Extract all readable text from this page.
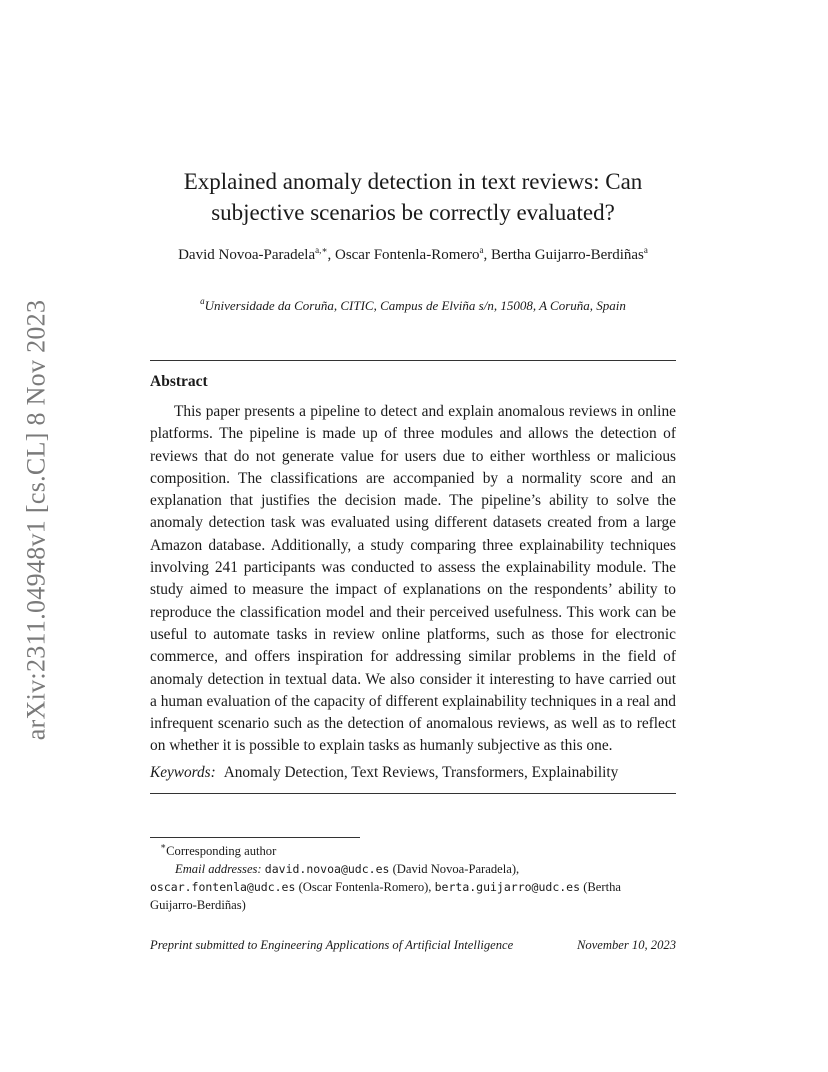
arXiv:2311.04948v1 [cs.CL] 8 Nov 2023
Explained anomaly detection in text reviews: Can
subjective scenarios be correctly evaluated?
David Novoa-Paradela$^{a,∗}$, Oscar Fontenla-Romero$^a$, Bertha Guijarro-Berdiñas$^a$
$^a$Universidade da Coruña, CITIC, Campus de Elviña s/n, 15008, A Coruña, Spain
Abstract

This paper presents a pipeline to detect and explain anomalous reviews in online platforms. The pipeline is made up of three modules and allows the detection of reviews that do not generate value for users due to either worthless or malicious composition. The classifications are accompanied by a normality score and an explanation that justifies the decision made. The pipeline’s ability to solve the anomaly detection task was evaluated using different datasets created from a large Amazon database. Additionally, a study comparing three explainability techniques involving 241 participants was conducted to assess the explainability module. The study aimed to measure the impact of explanations on the respondents’ ability to reproduce the classification model and their perceived usefulness. This work can be useful to automate tasks in review online platforms, such as those for electronic commerce, and offers inspiration for addressing similar problems in the field of anomaly detection in textual data. We also consider it interesting to have carried out a human evaluation of the capacity of different explainability techniques in a real and infrequent scenario such as the detection of anomalous reviews, as well as to reflect on whether it is possible to explain tasks as humanly subjective as this one.

Keywords: Anomaly Detection, Text Reviews, Transformers, Explainability
∗Corresponding author
Email addresses: david.novoa@udc.es (David Novoa-Paradela),
oscar.fontenla@udc.es (Oscar Fontenla-Romero), berta.guijarro@udc.es (Bertha
Guijarro-Berdiñas)
Preprint submitted to Engineering Applications of Artificial Intelligence	November 10, 2023
